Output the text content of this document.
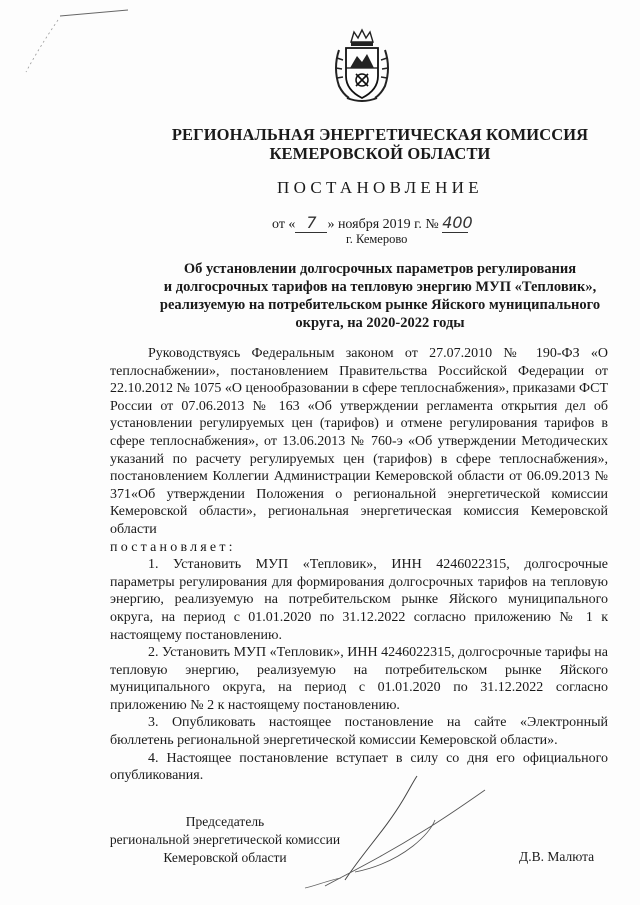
РЕГИОНАЛЬНАЯ ЭНЕРГЕТИЧЕСКАЯ КОМИССИЯ
КЕМЕРОВСКОЙ ОБЛАСТИ
ПОСТАНОВЛЕНИЕ
от « 7 » ноября 2019 г. № 400
г. Кемерово
Об установлении долгосрочных параметров регулирования
и долгосрочных тарифов на тепловую энергию МУП «Тепловик»,
реализуемую на потребительском рынке Яйского муниципального
округа, на 2020-2022 годы

Руководствуясь Федеральным законом от 27.07.2010 № 190-ФЗ «О теплоснабжении», постановлением Правительства Российской Федерации от 22.10.2012 № 1075 «О ценообразовании в сфере теплоснабжения», приказами ФСТ России от 07.06.2013 № 163 «Об утверждении регламента открытия дел об установлении регулируемых цен (тарифов) и отмене регулирования тарифов в сфере теплоснабжения», от 13.06.2013 № 760-э «Об утверждении Методических указаний по расчету регулируемых цен (тарифов) в сфере теплоснабжения», постановлением Коллегии Администрации Кемеровской области от 06.09.2013 № 371«Об утверждении Положения о региональной энергетической комиссии Кемеровской области», региональная энергетическая комиссия Кемеровской области

постановляет:

1. Установить МУП «Тепловик», ИНН 4246022315, долгосрочные параметры регулирования для формирования долгосрочных тарифов на тепловую энергию, реализуемую на потребительском рынке Яйского муниципального округа, на период с 01.01.2020 по 31.12.2022 согласно приложению № 1 к настоящему постановлению.

2. Установить МУП «Тепловик», ИНН 4246022315, долгосрочные тарифы на тепловую энергию, реализуемую на потребительском рынке Яйского муниципального округа, на период с 01.01.2020 по 31.12.2022 согласно приложению № 2 к настоящему постановлению.

3. Опубликовать настоящее постановление на сайте «Электронный бюллетень региональной энергетической комиссии Кемеровской области».

4. Настоящее постановление вступает в силу со дня его официального опубликования.

Председатель
региональной энергетической комиссии
Кемеровской области	Д.В. Малюта
